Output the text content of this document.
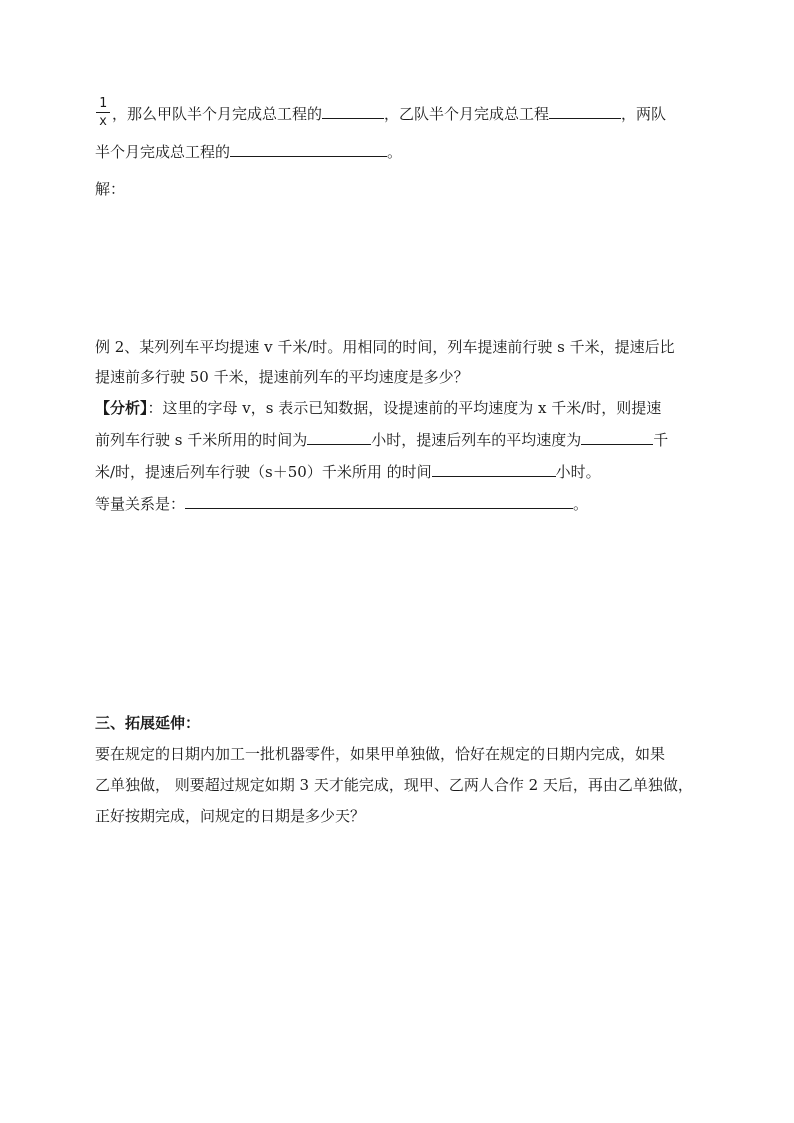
1
x ，那么甲队半个月完成总工程的	，乙队半个月完成总工程	，两队
半个月完成总工程的	。
解：
例 2、某列列车平均提速 v 千米/时。用相同的时间，列车提速前行驶 s 千米，提速后比
提速前多行驶 50 千米，提速前列车的平均速度是多少？
【分析】：这里的字母 v，s 表示已知数据，设提速前的平均速度为 x 千米/时，则提速
前列车行驶 s 千米所用的时间为	小时，提速后列车的平均速度为	千
米/时，提速后列车行驶（s＋50）千米所用 的时间	小时。
等量关系是：	。
三、拓展延伸：
要在规定的日期内加工一批机器零件，如果甲单独做，恰好在规定的日期内完成，如果
乙单独做， 则要超过规定如期 3 天才能完成，现甲、乙两人合作 2 天后，再由乙单独做，
正好按期完成，问规定的日期是多少天？
